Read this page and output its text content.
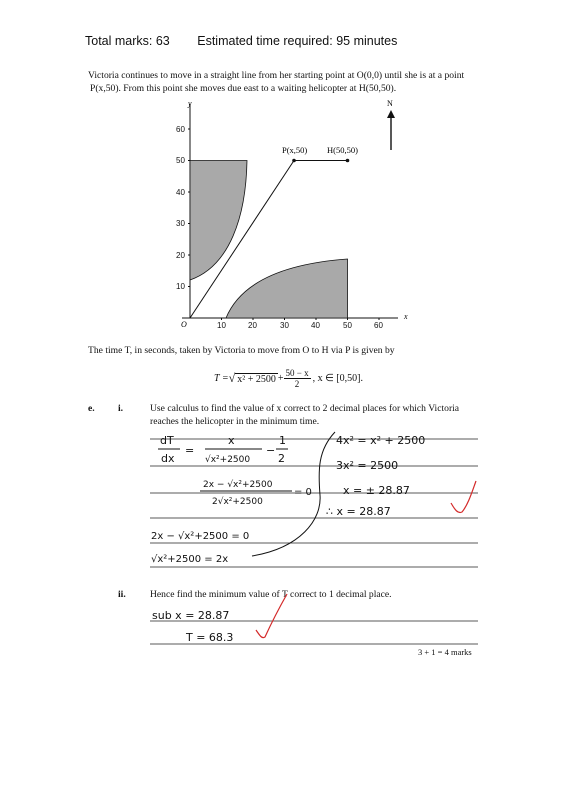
Total marks: 63 Estimated time required: 95 minutes
Victoria continues to move in a straight line from her starting point at O(0,0) until she is at a point
P(x,50). From this point she moves due east to a waiting helicopter at H(50,50).
y
x
O
60
50
40
30
20
10
10	20	30	40	50	60
P(x,50) H(50,50)
N
The time T, in seconds, taken by Victoria to move from O to H via P is given by
T = √ $x^2 + 2500 + \frac{50 - x}{2}$ , x ∈ [0,50].
e. i.	Use calculus to find the value of x correct to 2 decimal places for which Victoria
reaches the helicopter in the minimum time.
dT
dx
=
x
√x²+2500
−
1
2
2x − √x²+2500
2√x²+2500
= 0
2x − √x²+2500 = 0
√x²+2500 = 2x
4x² = x² + 2500
3x² = 2500
x = ± 28.87
∴ x = 28.87
ii.	Hence find the minimum value of T correct to 1 decimal place.
sub x = 28.87
T = 68.3
3 + 1 = 4 marks
